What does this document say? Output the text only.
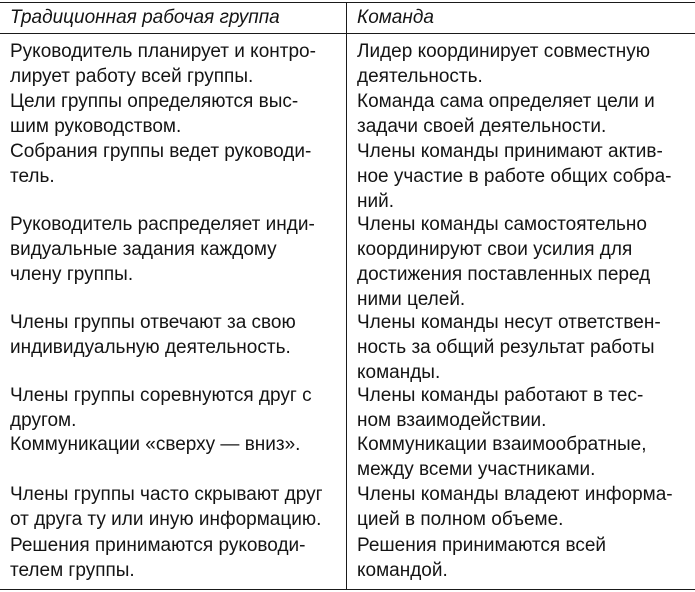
Традиционная рабочая группа	Команда
Руководитель планирует и контро-
лирует работу всей группы.
Лидер координирует совместную
деятельность.
Цели группы определяются выс-
шим руководством.
Команда сама определяет цели и
задачи своей деятельности.
Собрания группы ведет руководи-
тель.
Члены команды принимают актив-
ное участие в работе общих собра-
ний.
Руководитель распределяет инди-
видуальные задания каждому
члену группы.
Члены команды самостоятельно
координируют свои усилия для
достижения поставленных перед
ними целей.
Члены группы отвечают за свою
индивидуальную деятельность.
Члены команды несут ответствен-
ность за общий результат работы
команды.
Члены группы соревнуются друг с
другом.
Члены команды работают в тес-
ном взаимодействии.
Коммуникации «сверху — вниз».	Коммуникации взаимообратные,
между всеми участниками.
Члены группы часто скрывают друг
от друга ту или иную информацию.
Члены команды владеют информа-
цией в полном объеме.
Решения принимаются руководи-
телем группы.
Решения принимаются всей
командой.
